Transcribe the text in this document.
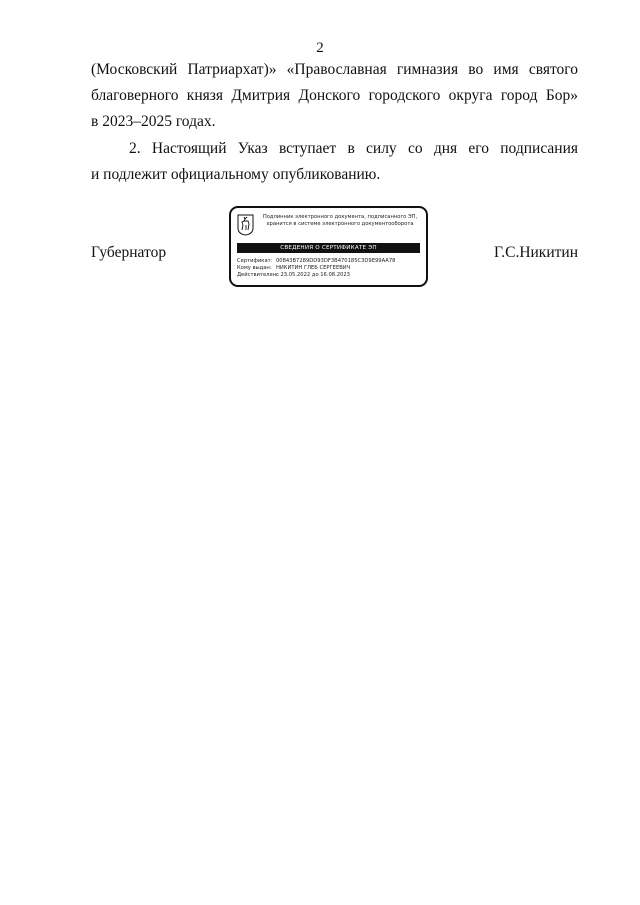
2
(Московский Патриархат)» «Православная гимназия во имя святого
благоверного князя Дмитрия Донского городского округа город Бор»
в 2023–2025 годах.
2. Настоящий Указ вступает в силу со дня его подписания
и подлежит официальному опубликованию.
Губернатор	Г.С.Никитин
Подлинник электронного документа, подписанного ЭП,
хранится в системе электронного документооборота
СВЕДЕНИЯ О СЕРТИФИКАТЕ ЭП
Сертификат: 00843B7289DD93DF3B470185C3D9E99AA78
Кому выдан: НИКИТИН ГЛЕБ СЕРГЕЕВИЧ
Действителен:с 23.05.2022 до 16.08.2023
